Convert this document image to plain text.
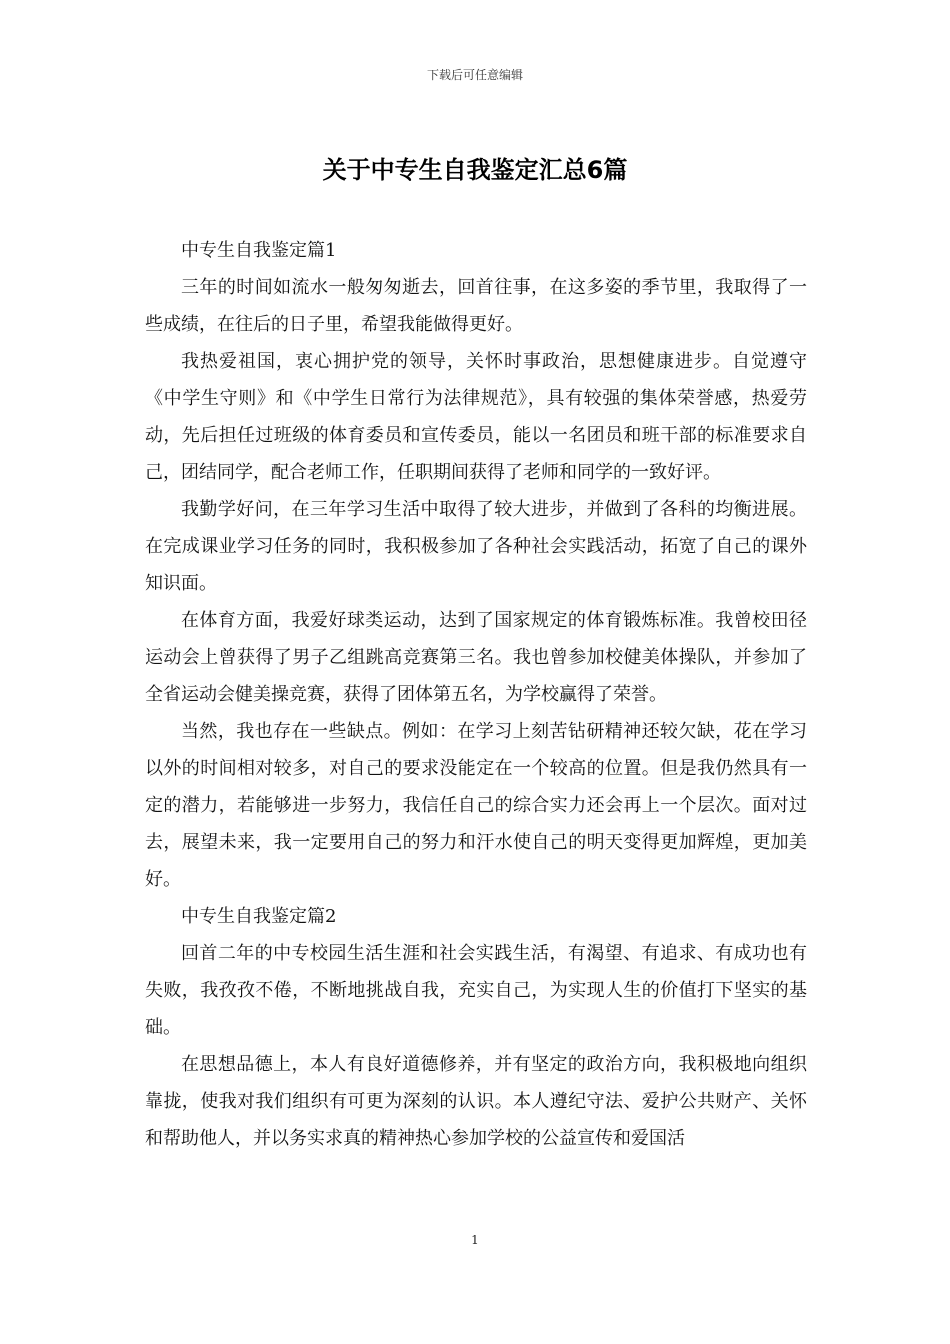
下载后可任意编辑
关于中专生自我鉴定汇总6篇

中专生自我鉴定篇1

三年的时间如流水一般匆匆逝去，回首往事，在这多姿的季节里，我取得了一些成绩，在往后的日子里，希望我能做得更好。

我热爱祖国，衷心拥护党的领导，关怀时事政治，思想健康进步。自觉遵守《中学生守则》和《中学生日常行为法律规范》，具有较强的集体荣誉感，热爱劳动，先后担任过班级的体育委员和宣传委员，能以一名团员和班干部的标准要求自己，团结同学，配合老师工作，任职期间获得了老师和同学的一致好评。

我勤学好问，在三年学习生活中取得了较大进步，并做到了各科的均衡进展。在完成课业学习任务的同时，我积极参加了各种社会实践活动，拓宽了自己的课外知识面。

在体育方面，我爱好球类运动，达到了国家规定的体育锻炼标准。我曾校田径运动会上曾获得了男子乙组跳高竞赛第三名。我也曾参加校健美体操队，并参加了全省运动会健美操竞赛，获得了团体第五名，为学校赢得了荣誉。

当然，我也存在一些缺点。例如：在学习上刻苦钻研精神还较欠缺，花在学习以外的时间相对较多，对自己的要求没能定在一个较高的位置。但是我仍然具有一定的潜力，若能够进一步努力，我信任自己的综合实力还会再上一个层次。面对过去，展望未来，我一定要用自己的努力和汗水使自己的明天变得更加辉煌，更加美好。

中专生自我鉴定篇2

回首二年的中专校园生活生涯和社会实践生活，有渴望、有追求、有成功也有失败，我孜孜不倦，不断地挑战自我，充实自己，为实现人生的价值打下坚实的基础。

在思想品德上，本人有良好道德修养，并有坚定的政治方向，我积极地向组织靠拢，使我对我们组织有可更为深刻的认识。本人遵纪守法、爱护公共财产、关怀和帮助他人，并以务实求真的精神热心参加学校的公益宣传和爱国活

1
